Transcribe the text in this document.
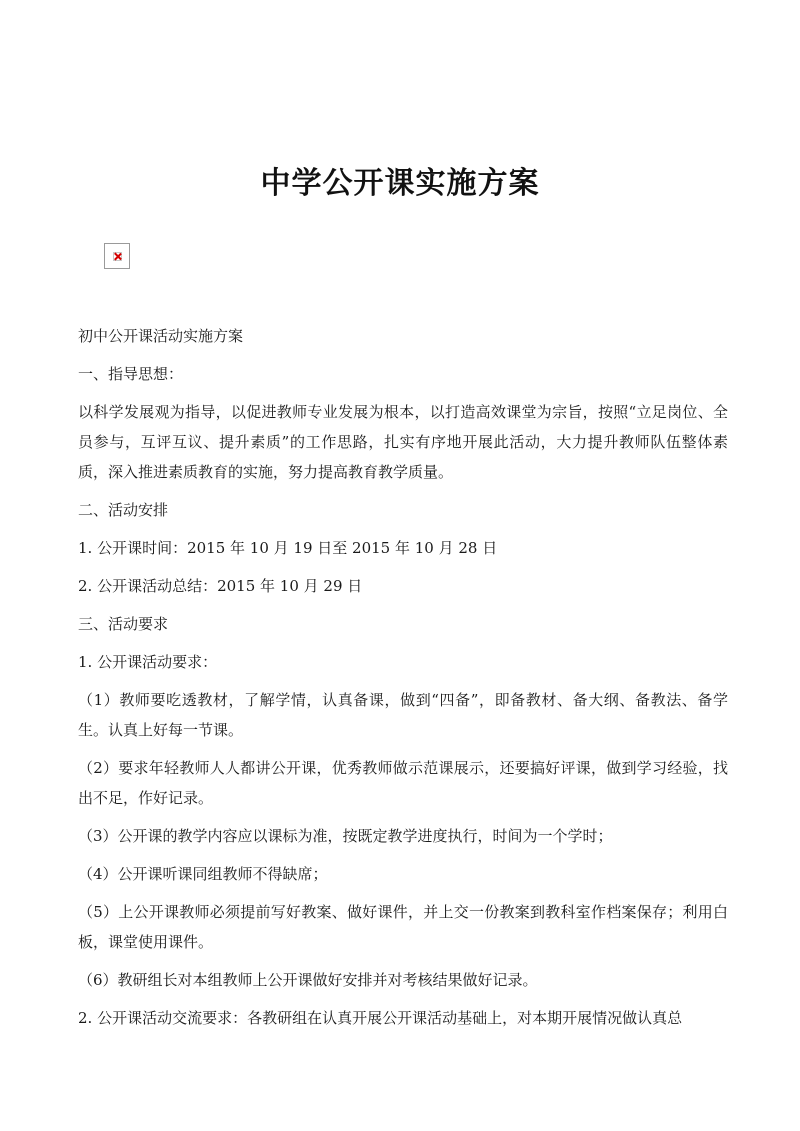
中学公开课实施方案

初中公开课活动实施方案

一、指导思想：

以科学发展观为指导，以促进教师专业发展为根本，以打造高效课堂为宗旨，按照“立足岗位、全员参与，互评互议、提升素质”的工作思路，扎实有序地开展此活动，大力提升教师队伍整体素质，深入推进素质教育的实施，努力提高教育教学质量。

二、活动安排

1. 公开课时间：2015 年 10 月 19 日至 2015 年 10 月 28 日

2. 公开课活动总结：2015 年 10 月 29 日

三、活动要求

1. 公开课活动要求：

（1）教师要吃透教材，了解学情，认真备课，做到“四备”，即备教材、备大纲、备教法、备学生。认真上好每一节课。

（2）要求年轻教师人人都讲公开课，优秀教师做示范课展示，还要搞好评课，做到学习经验，找出不足，作好记录。

（3）公开课的教学内容应以课标为准，按既定教学进度执行，时间为一个学时；

（4）公开课听课同组教师不得缺席；

（5）上公开课教师必须提前写好教案、做好课件，并上交一份教案到教科室作档案保存；利用白板，课堂使用课件。

（6）教研组长对本组教师上公开课做好安排并对考核结果做好记录。

2. 公开课活动交流要求：各教研组在认真开展公开课活动基础上，对本期开展情况做认真总
